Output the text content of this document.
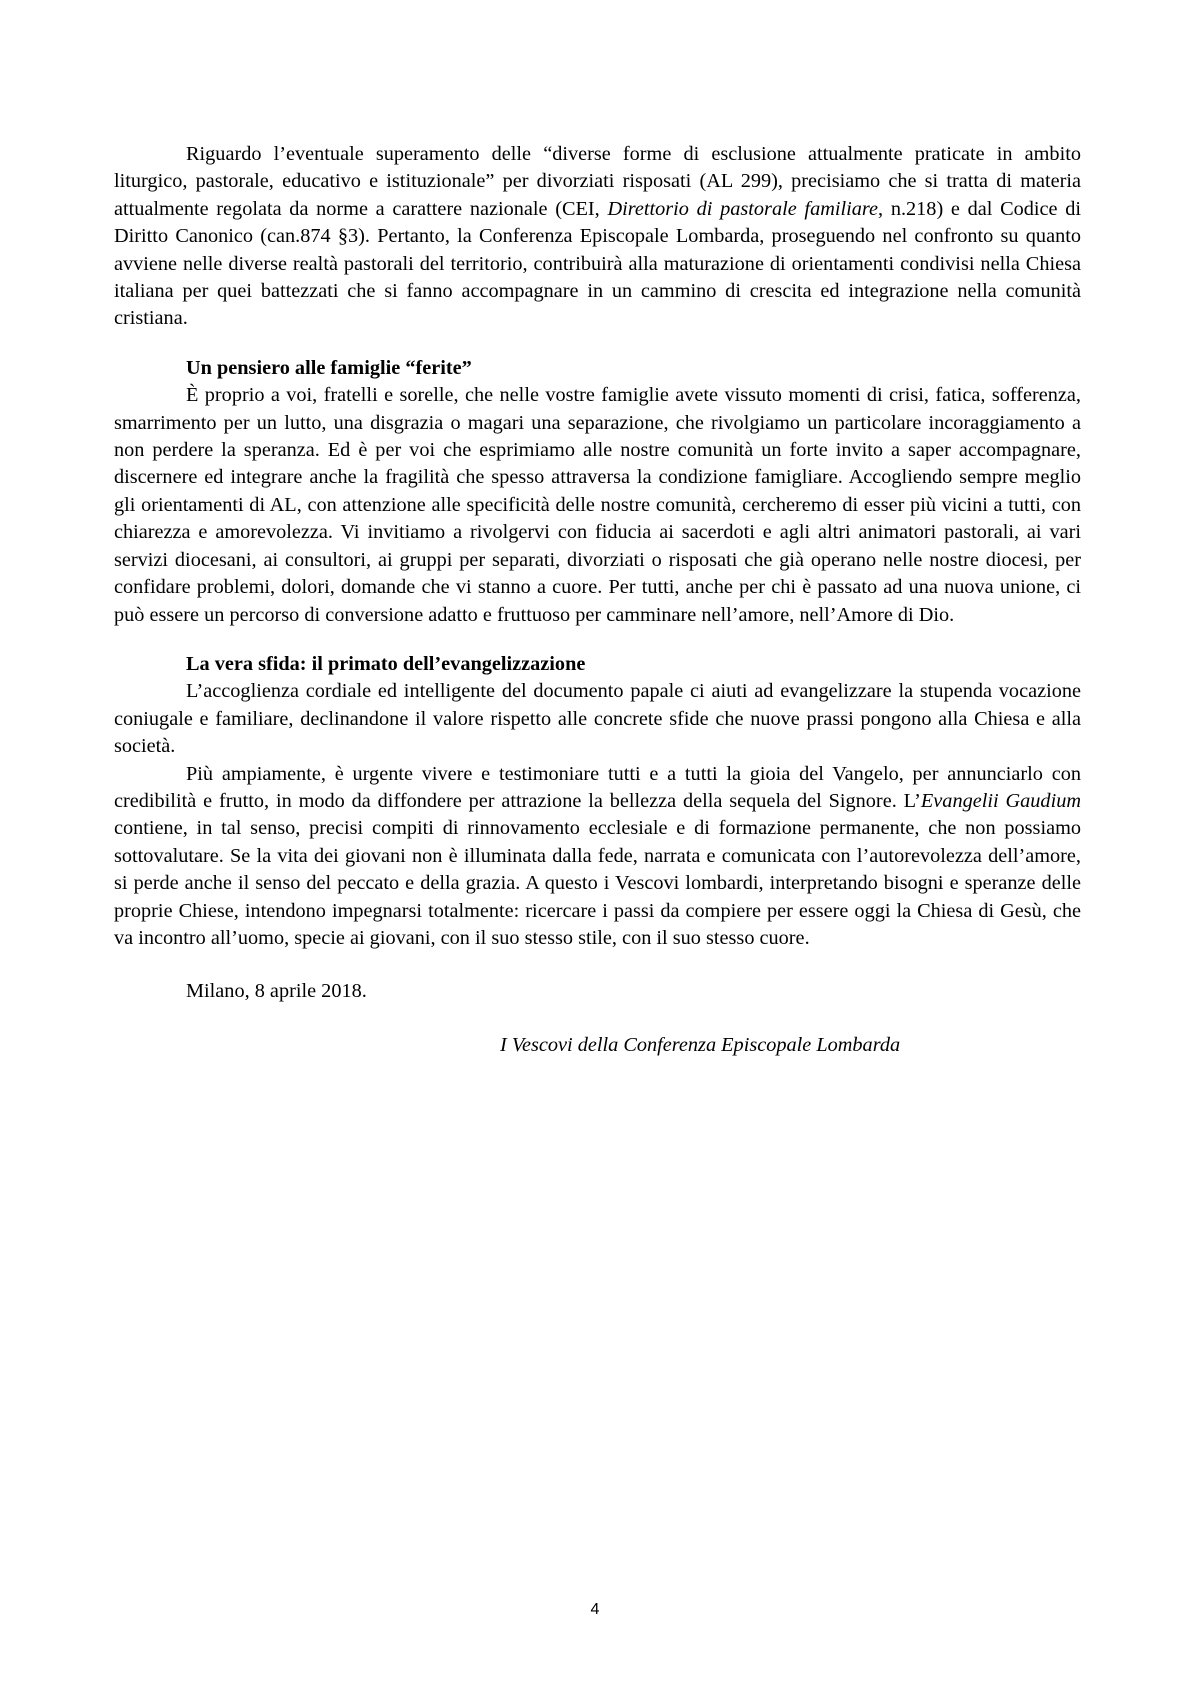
Riguardo l’eventuale superamento delle “diverse forme di esclusione attualmente praticate in ambito liturgico, pastorale, educativo e istituzionale” per divorziati risposati (AL 299), precisiamo che si tratta di materia attualmente regolata da norme a carattere nazionale (CEI, Direttorio di pastorale familiare, n.218) e dal Codice di Diritto Canonico (can.874 §3). Pertanto, la Conferenza Episcopale Lombarda, proseguendo nel confronto su quanto avviene nelle diverse realtà pastorali del territorio, contribuirà alla maturazione di orientamenti condivisi nella Chiesa italiana per quei battezzati che si fanno accompagnare in un cammino di crescita ed integrazione nella comunità cristiana.

Un pensiero alle famiglie “ferite”

È proprio a voi, fratelli e sorelle, che nelle vostre famiglie avete vissuto momenti di crisi, fatica, sofferenza, smarrimento per un lutto, una disgrazia o magari una separazione, che rivolgiamo un particolare incoraggiamento a non perdere la speranza. Ed è per voi che esprimiamo alle nostre comunità un forte invito a saper accompagnare, discernere ed integrare anche la fragilità che spesso attraversa la condizione famigliare. Accogliendo sempre meglio gli orientamenti di AL, con attenzione alle specificità delle nostre comunità, cercheremo di esser più vicini a tutti, con chiarezza e amorevolezza. Vi invitiamo a rivolgervi con fiducia ai sacerdoti e agli altri animatori pastorali, ai vari servizi diocesani, ai consultori, ai gruppi per separati, divorziati o risposati che già operano nelle nostre diocesi, per confidare problemi, dolori, domande che vi stanno a cuore. Per tutti, anche per chi è passato ad una nuova unione, ci può essere un percorso di conversione adatto e fruttuoso per camminare nell’amore, nell’Amore di Dio.

La vera sfida: il primato dell’evangelizzazione

L’accoglienza cordiale ed intelligente del documento papale ci aiuti ad evangelizzare la stupenda vocazione coniugale e familiare, declinandone il valore rispetto alle concrete sfide che nuove prassi pongono alla Chiesa e alla società.

Più ampiamente, è urgente vivere e testimoniare tutti e a tutti la gioia del Vangelo, per annunciarlo con credibilità e frutto, in modo da diffondere per attrazione la bellezza della sequela del Signore. L’Evangelii Gaudium contiene, in tal senso, precisi compiti di rinnovamento ecclesiale e di formazione permanente, che non possiamo sottovalutare. Se la vita dei giovani non è illuminata dalla fede, narrata e comunicata con l’autorevolezza dell’amore, si perde anche il senso del peccato e della grazia. A questo i Vescovi lombardi, interpretando bisogni e speranze delle proprie Chiese, intendono impegnarsi totalmente: ricercare i passi da compiere per essere oggi la Chiesa di Gesù, che va incontro all’uomo, specie ai giovani, con il suo stesso stile, con il suo stesso cuore.

Milano, 8 aprile 2018.

I Vescovi della Conferenza Episcopale Lombarda

4
